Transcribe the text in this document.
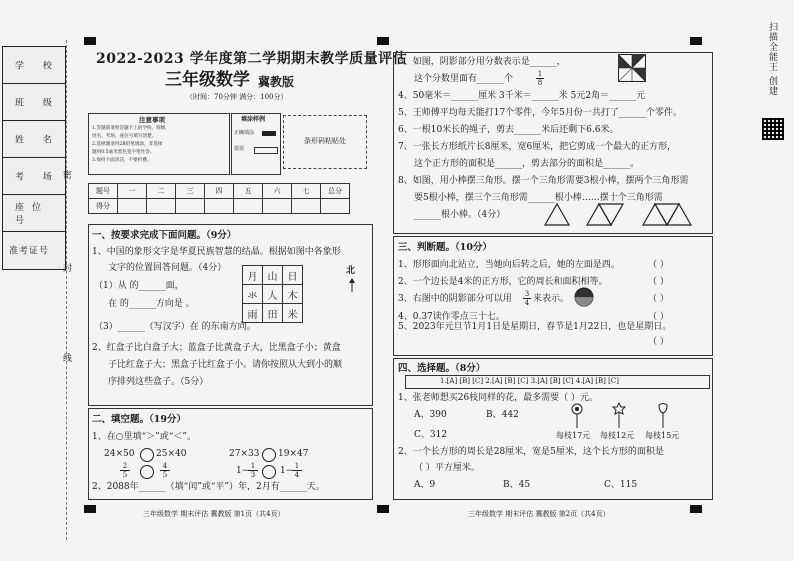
学 校
班 级
姓 名
考 场
座位号
准考证号
密
封
线
2022-2023 学年度第二学期期末教学质量评估
三年级数学 冀教版
（时间：70分钟 满分：100分）
注意事项
1.答题前请将答题卡上的学校、班级、
姓名、考场、座位号填写清楚。
2.选择题请用2B铅笔填涂，非选择
题用0.5毫米黑色签字笔作答。
3.保持卡面清洁，不要折叠。
填涂样例
正确填涂
错误
条形码粘贴处
题号	一	二	三	四	五	六	七	总分
得分								
一、按要求完成下面问题。（9分）
1、中国的象形文字是华夏民族智慧的结晶。根据如图中各象形
文字的位置回答问题。（4分）
（1）从 的______面，
在 的______方向是 。
（3）______（写汉字）在 的东南方向。
月	山	日
氺	人	木
雨	田	米
北
2、红盒子比白盒子大；蓝盒子比黄盒子大，比黑盒子小；黄盒
子比红盒子大；黑盒子比红盒子小。请你按照从大到小的顺
序排列这些盒子。（5分）
二、填空题。（19分）
1、在○里填“＞”或“＜”。
24×50 25×40	27×33 19×47
2
5
4
5	1− 1
3	1− 1
4
2、2088年______（填“闰”或“平”）年，2月有______天。
三年级数学 期末评估 冀教版 第1页（共4页）
3、如图，阴影部分用分数表示是______，
这个分数里面有______个	1
8
4、50毫米＝______厘米 3千米＝______米 5元2角＝______元
5、王师傅平均每天能打17个零件，今年5月份一共打了______个零件。
6、一根10米长的绳子，剪去______米后还剩下6.6米。
7、一张长方形纸片长8厘米，宽6厘米，把它剪成一个最大的正方形，
这个正方形的面积是______，剪去部分的面积是______。
8、如图，用小棒摆三角形。摆一个三角形需要3根小棒，摆两个三角形需
要5根小棒，摆三个三角形需______根小棒……摆十个三角形需
______根小棒。（4分）
三、判断题。（10分）
1、形形面向北站立，当她向后转之后，她的左面是西。	（ ）
2、一个边长是4米的正方形，它的周长和面积相等。	（ ）
3、右图中的阴影部分可以用 3
4 来表示。	（ ）
4、0.37读作零点三十七。	（ ）
5、2023年元旦节1月1日是星期日，春节是1月22日，也是星期日。
（ ）
四、选择题。（8分）
1.[A] [B] [C] 2.[A] [B] [C] 3.[A] [B] [C] 4.[A] [B] [C]
1、张老师想买26枝同样的花，最多需要（ ）元。
A、390	B、442
C、312	每枝17元 每枝12元 每枝15元
2、一个长方形的周长是28厘米，宽是5厘米，这个长方形的面积是
（ ）平方厘米。
A、9	B、45	C、115
三年级数学 期末评估 冀教版 第2页（共4页）
扫描全能王 创建
